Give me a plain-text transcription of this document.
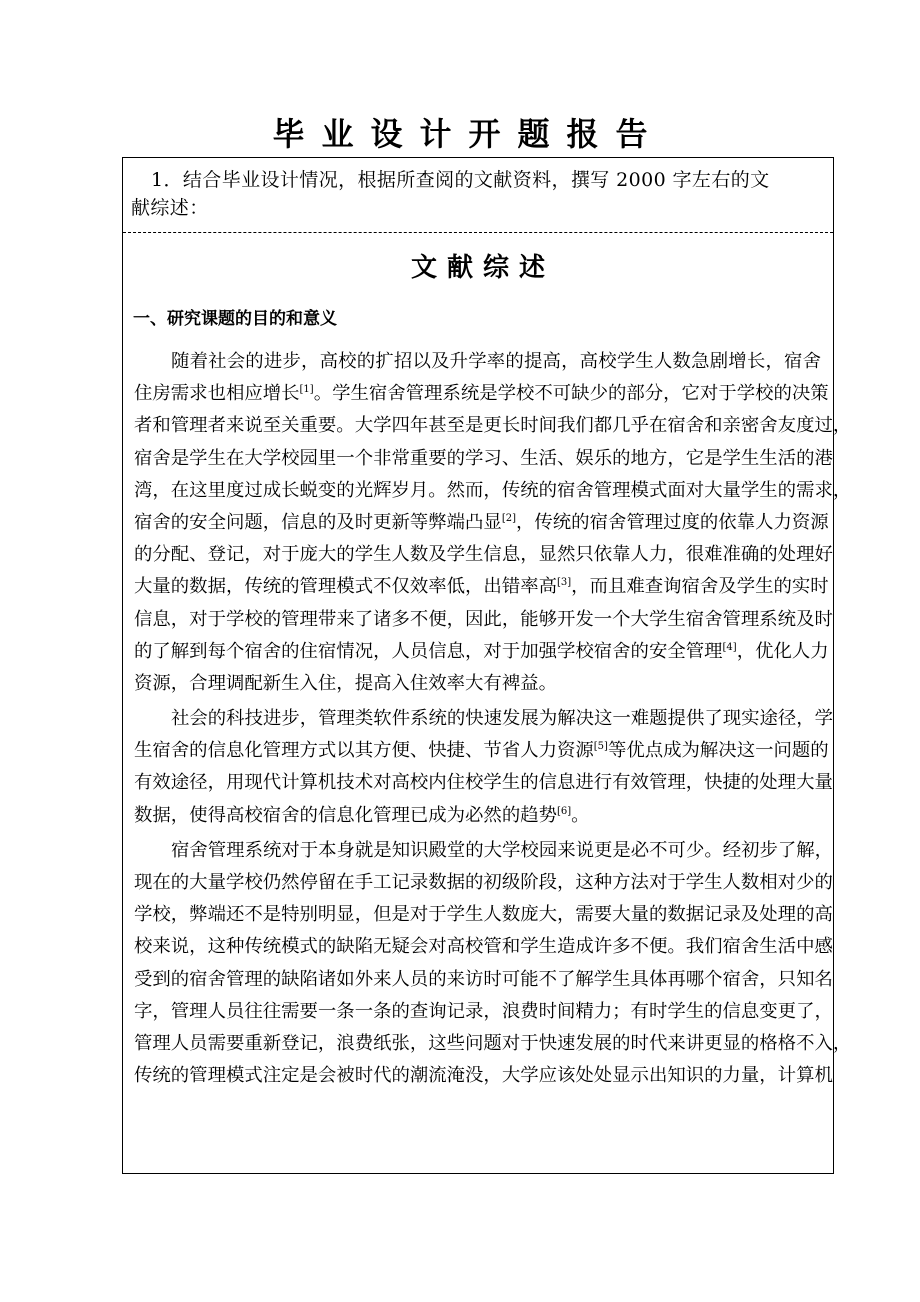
毕业设计开题报告
1．结合毕业设计情况，根据所查阅的文献资料，撰写 2000 字左右的文
献综述：
文献综述
一、研究课题的目的和意义
随着社会的进步，高校的扩招以及升学率的提高，高校学生人数急剧增长，宿舍
住房需求也相应增长[1]。学生宿舍管理系统是学校不可缺少的部分，它对于学校的决策
者和管理者来说至关重要。大学四年甚至是更长时间我们都几乎在宿舍和亲密舍友度过，
宿舍是学生在大学校园里一个非常重要的学习、生活、娱乐的地方，它是学生生活的港
湾，在这里度过成长蜕变的光辉岁月。然而，传统的宿舍管理模式面对大量学生的需求，
宿舍的安全问题，信息的及时更新等弊端凸显[2]，传统的宿舍管理过度的依靠人力资源
的分配、登记，对于庞大的学生人数及学生信息，显然只依靠人力，很难准确的处理好
大量的数据，传统的管理模式不仅效率低，出错率高[3]，而且难查询宿舍及学生的实时
信息，对于学校的管理带来了诸多不便，因此，能够开发一个大学生宿舍管理系统及时
的了解到每个宿舍的住宿情况，人员信息，对于加强学校宿舍的安全管理[4]，优化人力
资源，合理调配新生入住，提高入住效率大有裨益。
社会的科技进步，管理类软件系统的快速发展为解决这一难题提供了现实途径，学
生宿舍的信息化管理方式以其方便、快捷、节省人力资源[5]等优点成为解决这一问题的
有效途径，用现代计算机技术对高校内住校学生的信息进行有效管理，快捷的处理大量
数据，使得高校宿舍的信息化管理已成为必然的趋势[6]。
宿舍管理系统对于本身就是知识殿堂的大学校园来说更是必不可少。经初步了解，
现在的大量学校仍然停留在手工记录数据的初级阶段，这种方法对于学生人数相对少的
学校，弊端还不是特别明显，但是对于学生人数庞大，需要大量的数据记录及处理的高
校来说，这种传统模式的缺陷无疑会对高校管和学生造成许多不便。我们宿舍生活中感
受到的宿舍管理的缺陷诸如外来人员的来访时可能不了解学生具体再哪个宿舍，只知名
字，管理人员往往需要一条一条的查询记录，浪费时间精力；有时学生的信息变更了，
管理人员需要重新登记，浪费纸张，这些问题对于快速发展的时代来讲更显的格格不入，
传统的管理模式注定是会被时代的潮流淹没，大学应该处处显示出知识的力量，计算机
